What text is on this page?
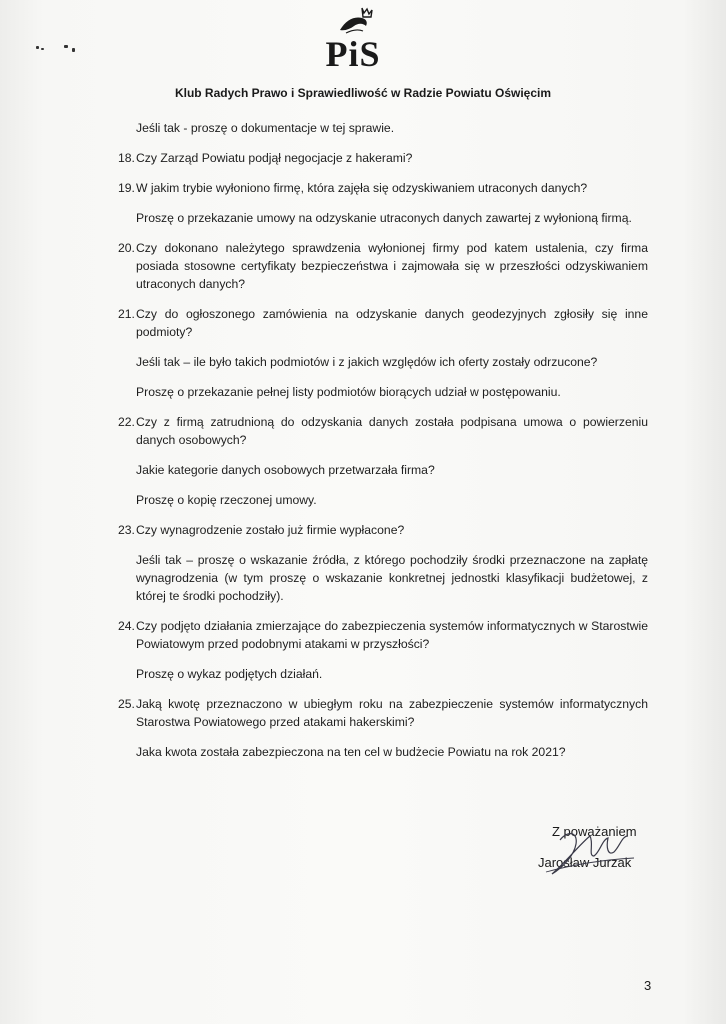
PiS
Klub Radych Prawo i Sprawiedliwość w Radzie Powiatu Oświęcim

Jeśli tak - proszę o dokumentacje w tej sprawie.

18. Czy Zarząd Powiatu podjął negocjacje z hakerami?
19. W jakim trybie wyłoniono firmę, która zajęła się odzyskiwaniem utraconych danych?

Proszę o przekazanie umowy na odzyskanie utraconych danych zawartej z wyłonioną firmą.

20. Czy dokonano należytego sprawdzenia wyłonionej firmy pod katem ustalenia, czy firma posiada stosowne certyfikaty bezpieczeństwa i zajmowała się w przeszłości odzyskiwaniem utraconych danych?
21. Czy do ogłoszonego zamówienia na odzyskanie danych geodezyjnych zgłosiły się inne podmioty?

Jeśli tak – ile było takich podmiotów i z jakich względów ich oferty zostały odrzucone?

Proszę o przekazanie pełnej listy podmiotów biorących udział w postępowaniu.

22. Czy z firmą zatrudnioną do odzyskania danych została podpisana umowa o powierzeniu danych osobowych?

Jakie kategorie danych osobowych przetwarzała firma?

Proszę o kopię rzeczonej umowy.

23. Czy wynagrodzenie zostało już firmie wypłacone?

Jeśli tak – proszę o wskazanie źródła, z którego pochodziły środki przeznaczone na zapłatę wynagrodzenia (w tym proszę o wskazanie konkretnej jednostki klasyfikacji budżetowej, z której te środki pochodziły).

24. Czy podjęto działania zmierzające do zabezpieczenia systemów informatycznych w Starostwie Powiatowym przed podobnymi atakami w przyszłości?

Proszę o wykaz podjętych działań.

25. Jaką kwotę przeznaczono w ubiegłym roku na zabezpieczenie systemów informatycznych Starostwa Powiatowego przed atakami hakerskimi?

Jaka kwota została zabezpieczona na ten cel w budżecie Powiatu na rok 2021?

Z poważaniem
Jarosław Jurzak
3
